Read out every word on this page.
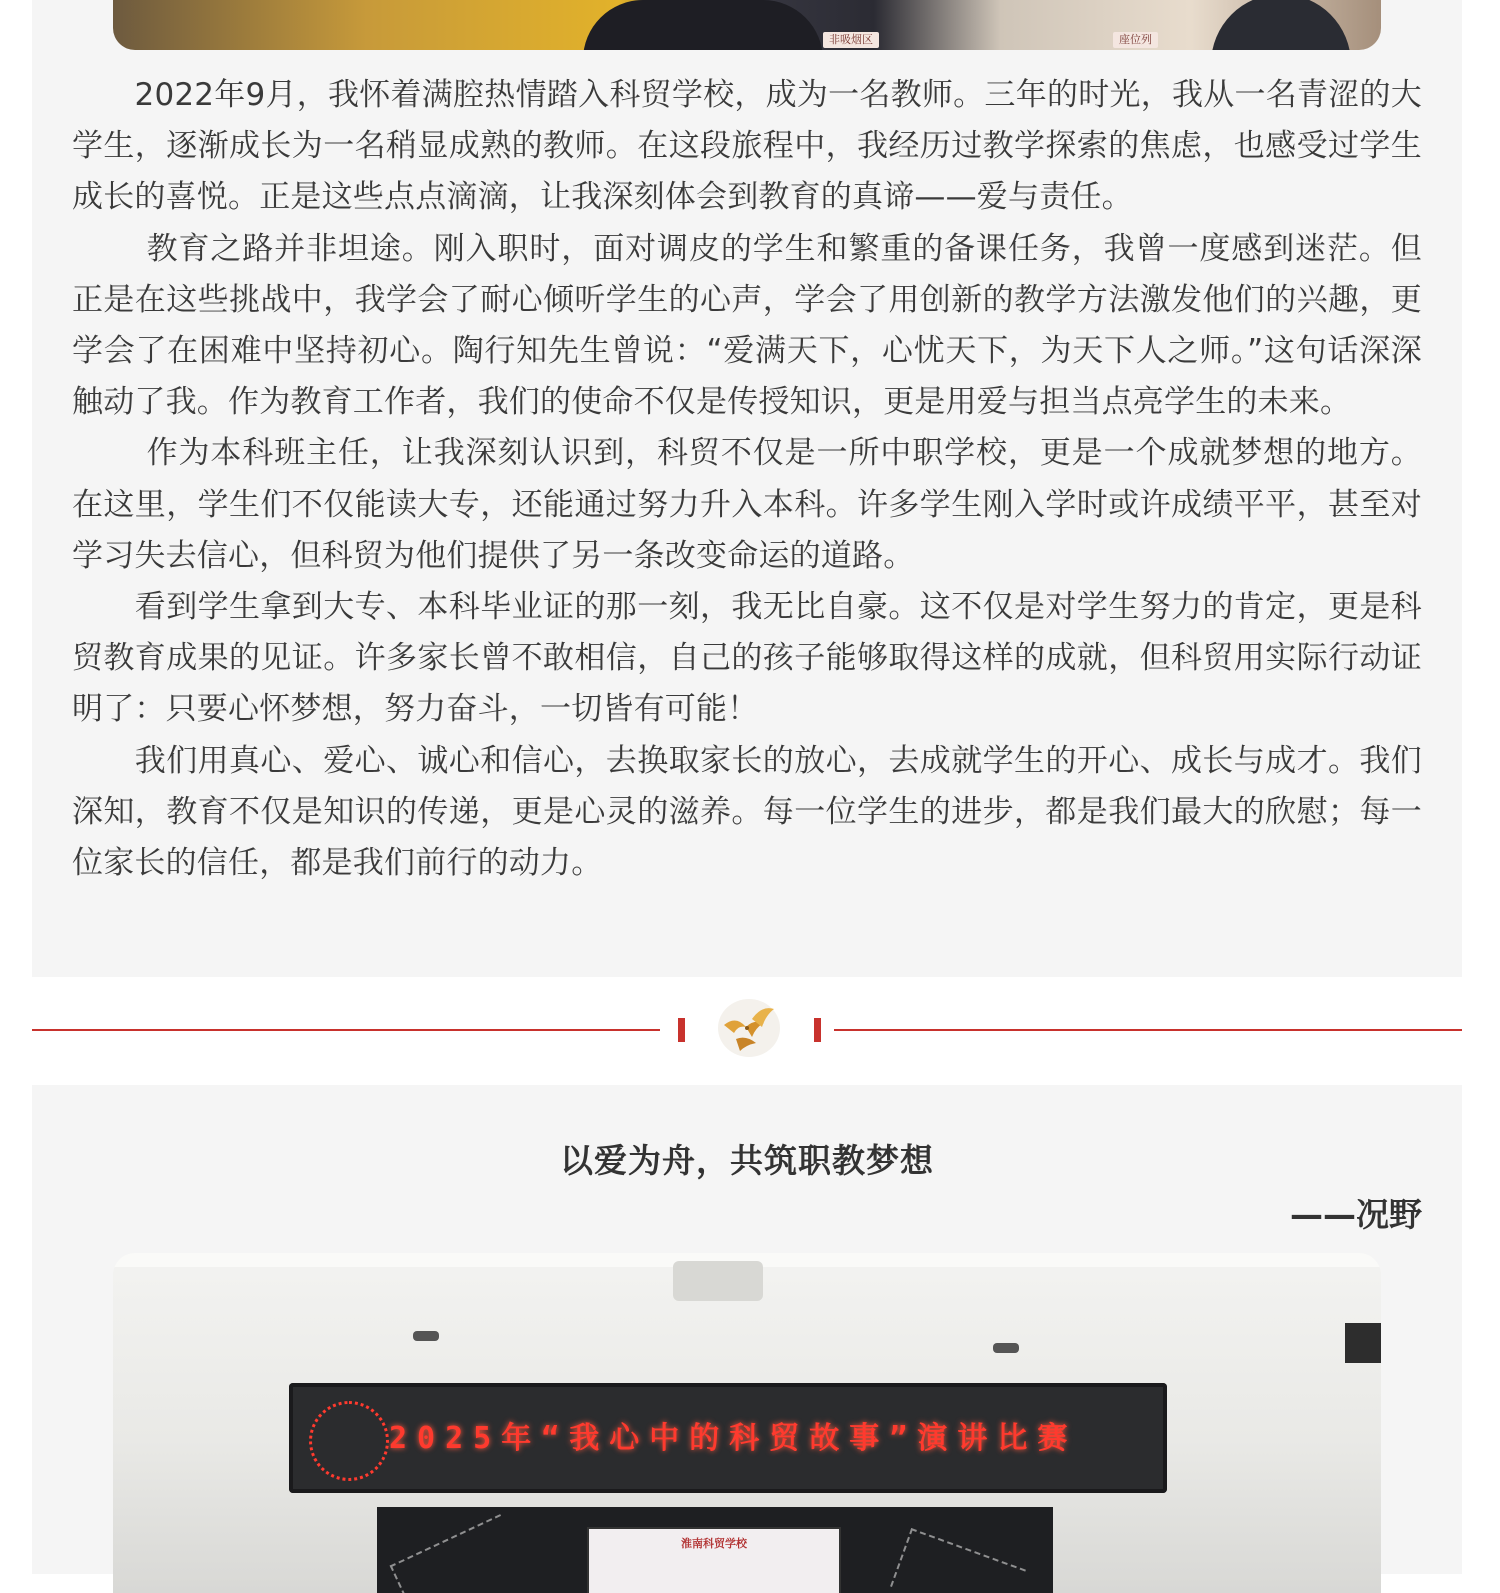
非吸烟区	座位列

　　2022年9月，我怀着满腔热情踏入科贸学校，成为一名教师。三年的时光，我从一名青涩的大学生，逐渐成长为一名稍显成熟的教师。在这段旅程中，我经历过教学探索的焦虑，也感受过学生成长的喜悦。正是这些点点滴滴，让我深刻体会到教育的真谛——爱与责任。

　　 教育之路并非坦途。刚入职时，面对调皮的学生和繁重的备课任务，我曾一度感到迷茫。但正是在这些挑战中，我学会了耐心倾听学生的心声，学会了用创新的教学方法激发他们的兴趣，更学会了在困难中坚持初心。陶行知先生曾说：“爱满天下，心忧天下，为天下人之师。”这句话深深触动了我。作为教育工作者，我们的使命不仅是传授知识，更是用爱与担当点亮学生的未来。

　　 作为本科班主任，让我深刻认识到，科贸不仅是一所中职学校，更是一个成就梦想的地方。在这里，学生们不仅能读大专，还能通过努力升入本科。许多学生刚入学时或许成绩平平，甚至对学习失去信心，但科贸为他们提供了另一条改变命运的道路。

　　看到学生拿到大专、本科毕业证的那一刻，我无比自豪。这不仅是对学生努力的肯定，更是科贸教育成果的见证。许多家长曾不敢相信，自己的孩子能够取得这样的成就，但科贸用实际行动证明了：只要心怀梦想，努力奋斗，一切皆有可能！

　　我们用真心、爱心、诚心和信心，去换取家长的放心，去成就学生的开心、成长与成才。我们深知，教育不仅是知识的传递，更是心灵的滋养。每一位学生的进步，都是我们最大的欣慰；每一位家长的信任，都是我们前行的动力。

以爱为舟，共筑职教梦想
——况野
2025年“我心中的科贸故事”演讲比赛
淮南科贸学校
